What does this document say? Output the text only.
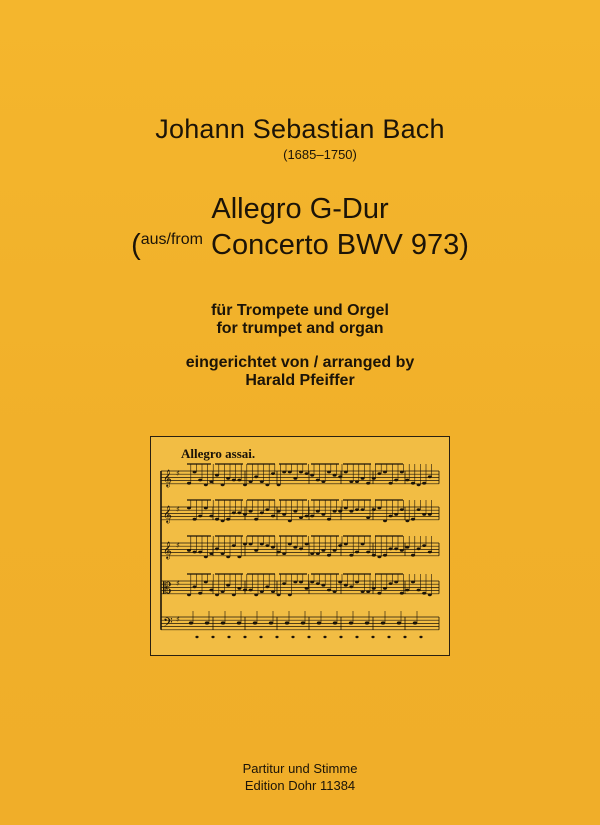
Johann Sebastian Bach
(1685–1750)
Allegro G-Dur
($^{aus/from}$ Concerto BWV 973)
für Trompete und Orgel
for trumpet and organ
eingerichtet von / arranged by
Harald Pfeiffer
Allegro assai.
𝄞 ♯
𝄞 ♯
𝄞 ♯
𝄡 ♯
𝄢 ♯
Partitur und Stimme
Edition Dohr 11384
